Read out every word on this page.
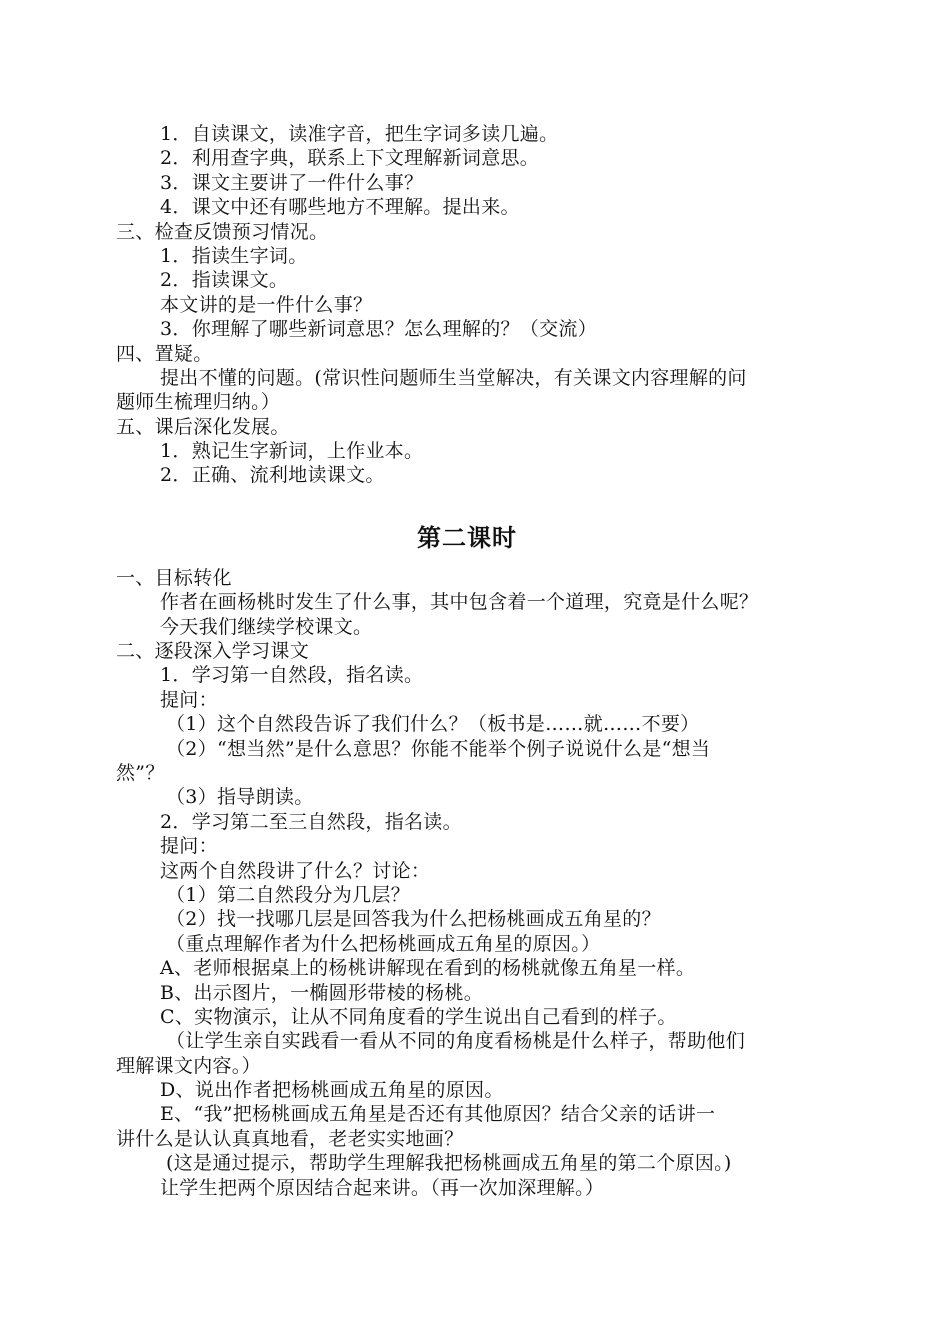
1．自读课文，读准字音，把生字词多读几遍。
2．利用查字典，联系上下文理解新词意思。
3．课文主要讲了一件什么事？
4．课文中还有哪些地方不理解。提出来。
三、检查反馈预习情况。
1．指读生字词。
2．指读课文。
本文讲的是一件什么事？
3．你理解了哪些新词意思？怎么理解的？（交流）
四、置疑。
提出不懂的问题。(常识性问题师生当堂解决，有关课文内容理解的问
题师生梳理归纳。）
五、课后深化发展。
1．熟记生字新词，上作业本。
2．正确、流利地读课文。
第二课时
一、目标转化
作者在画杨桃时发生了什么事，其中包含着一个道理，究竟是什么呢？
今天我们继续学校课文。
二、逐段深入学习课文
1．学习第一自然段，指名读。
提问：
（1）这个自然段告诉了我们什么？（板书是……就……不要）
（2）“想当然”是什么意思？你能不能举个例子说说什么是“想当
然”？
（3）指导朗读。
2．学习第二至三自然段，指名读。
提问：
这两个自然段讲了什么？讨论：
（1）第二自然段分为几层？
（2）找一找哪几层是回答我为什么把杨桃画成五角星的？
（重点理解作者为什么把杨桃画成五角星的原因。）
A、老师根据桌上的杨桃讲解现在看到的杨桃就像五角星一样。
B、出示图片，一椭圆形带棱的杨桃。
C、实物演示，让从不同角度看的学生说出自己看到的样子。
（让学生亲自实践看一看从不同的角度看杨桃是什么样子，帮助他们
理解课文内容。）
D、说出作者把杨桃画成五角星的原因。
E、“我”把杨桃画成五角星是否还有其他原因？结合父亲的话讲一
讲什么是认认真真地看，老老实实地画？
(这是通过提示，帮助学生理解我把杨桃画成五角星的第二个原因。)
让学生把两个原因结合起来讲。（再一次加深理解。）
